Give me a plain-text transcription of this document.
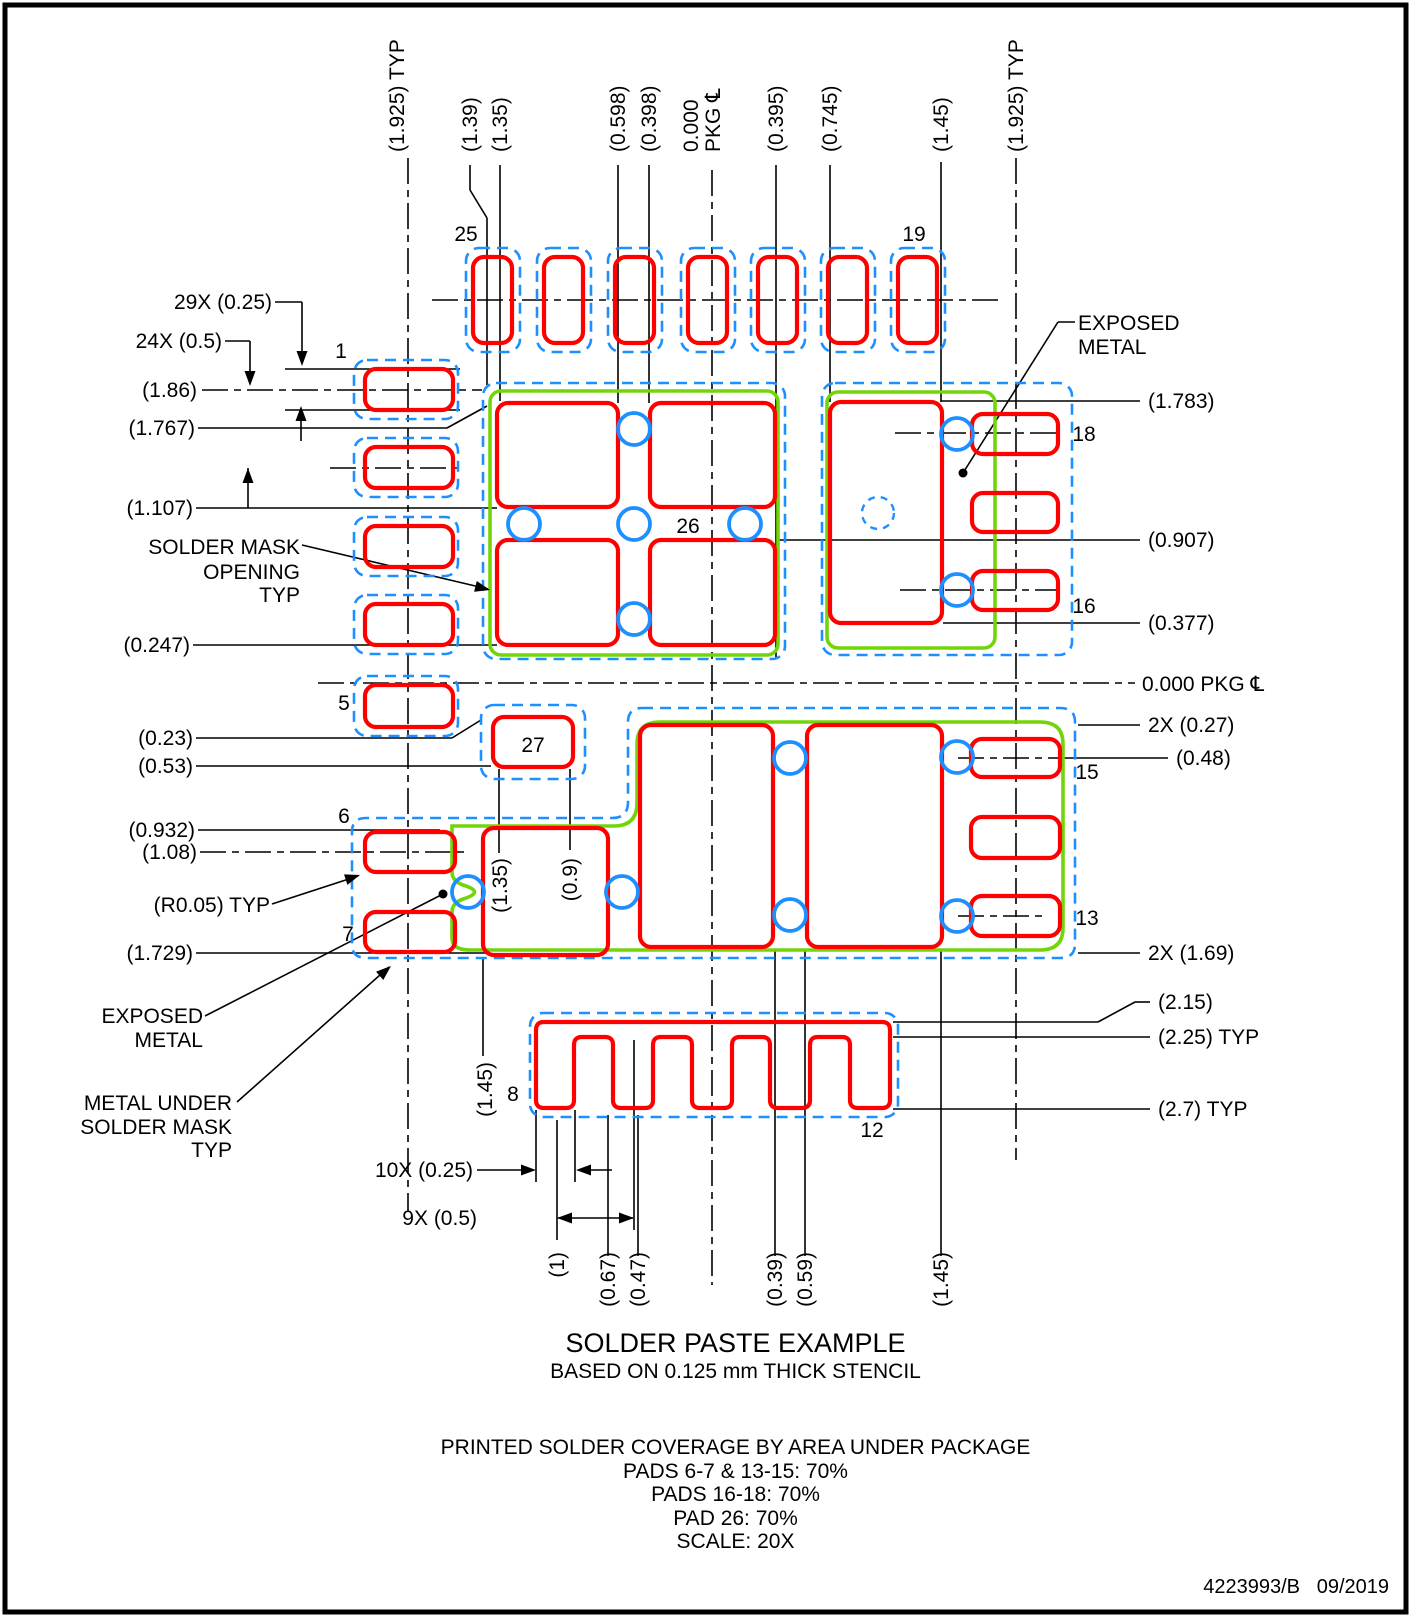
29X (0.25)
24X (0.5)
(1.86)
(1.767)
(1.107)
SOLDER MASK
OPENING
TYP
(0.247)
(0.23)
(0.53)
(0.932)
(1.08)
(R0.05) TYP
(1.729)
EXPOSED
METAL
METAL UNDER
SOLDER MASK
TYP
10X (0.25)
9X (0.5)
1
5
6
7
25	19
18
16
15
13
26
27
8
12
(1.783)
(0.907)
(0.377)
0.000 PKG ℄
2X (0.27)
(0.48)
2X (1.69)
(2.15)
(2.25) TYP
(2.7) TYP
EXPOSED
METAL
(1.925) TYP (1.39) (1.35)	(0.598) (0.398) 0.000 PKG ℄ (0.395) (0.745)	(1.45) (1.925) TYP
(1) (0.67) (0.47)	(0.39) (0.59)	(1.45)
(1.35) (0.9)
(1.45)
SOLDER PASTE EXAMPLE
BASED ON 0.125 mm THICK STENCIL
PRINTED SOLDER COVERAGE BY AREA UNDER PACKAGE
PADS 6-7 & 13-15: 70%
PADS 16-18: 70%
PAD 26: 70%
SCALE: 20X
4223993/B   09/2019
